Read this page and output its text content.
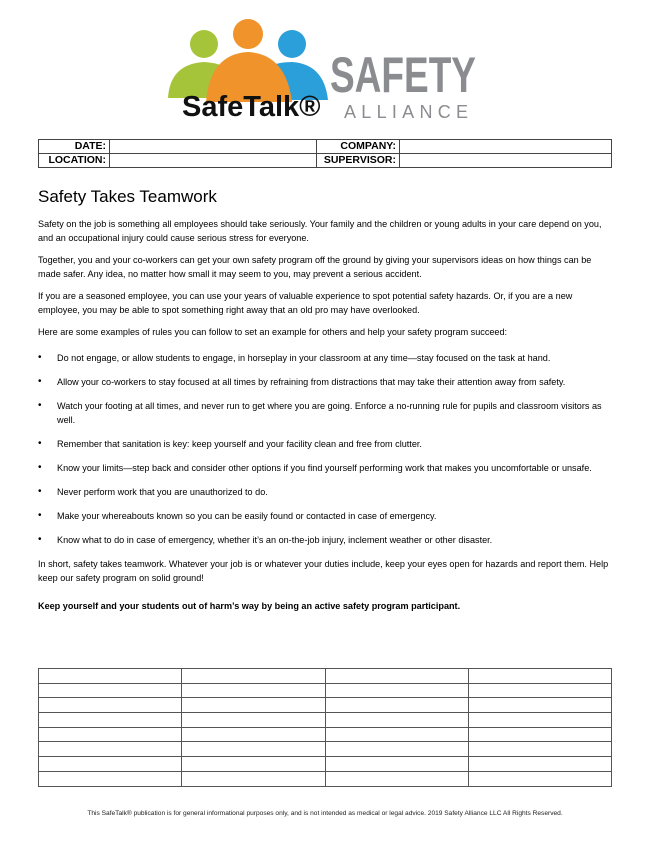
SafeTalk®
SAFETY
ALLIANCE
DATE:		COMPANY:	
LOCATION:		SUPERVISOR:	
Safety Takes Teamwork

Safety on the job is something all employees should take seriously. Your family and the children or young adults in your care depend on you, and an occupational injury could cause serious stress for everyone.

Together, you and your co-workers can get your own safety program off the ground by giving your supervisors ideas on how things can be made safer. Any idea, no matter how small it may seem to you, may prevent a serious accident.

If you are a seasoned employee, you can use your years of valuable experience to spot potential safety hazards. Or, if you are a new employee, you may be able to spot something right away that an old pro may have overlooked.

Here are some examples of rules you can follow to set an example for others and help your safety program succeed:

• Do not engage, or allow students to engage, in horseplay in your classroom at any time—stay focused on the task at hand.
• Allow your co-workers to stay focused at all times by refraining from distractions that may take their attention away from safety.
• Watch your footing at all times, and never run to get where you are going. Enforce a no-running rule for pupils and classroom visitors as well.
• Remember that sanitation is key: keep yourself and your facility clean and free from clutter.
• Know your limits—step back and consider other options if you find yourself performing work that makes you uncomfortable or unsafe.
• Never perform work that you are unauthorized to do.
• Make your whereabouts known so you can be easily found or contacted in case of emergency.
• Know what to do in case of emergency, whether it’s an on-the-job injury, inclement weather or other disaster.

In short, safety takes teamwork. Whatever your job is or whatever your duties include, keep your eyes open for hazards and report them. Help keep our safety program on solid ground!

Keep yourself and your students out of harm’s way by being an active safety program participant.

This SafeTalk® publication is for general informational purposes only, and is not intended as medical or legal advice. 2019 Safety Alliance LLC All Rights Reserved.
